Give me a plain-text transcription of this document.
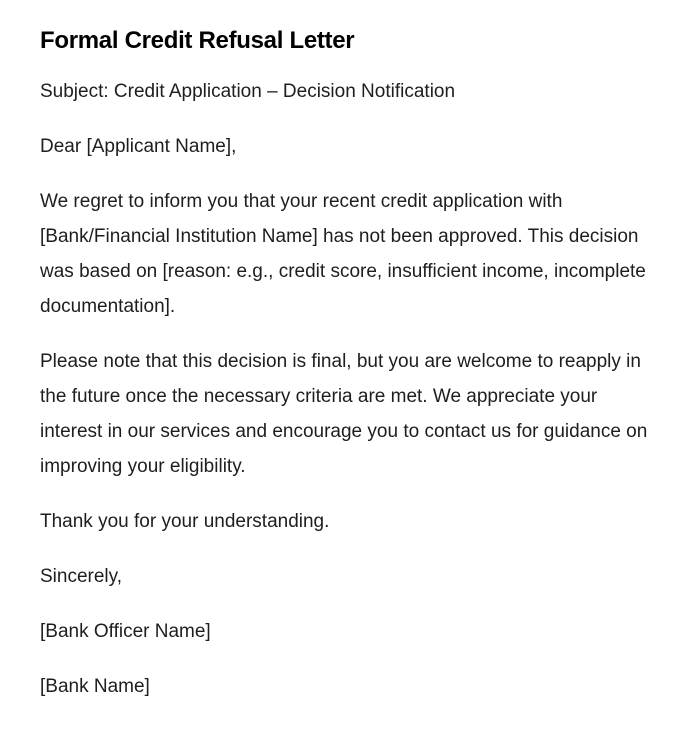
Formal Credit Refusal Letter

Subject: Credit Application – Decision Notification

Dear [Applicant Name],

We regret to inform you that your recent credit application with [Bank/Financial Institution Name] has not been approved. This decision was based on [reason: e.g., credit score, insufficient income, incomplete documentation].

Please note that this decision is final, but you are welcome to reapply in the future once the necessary criteria are met. We appreciate your interest in our services and encourage you to contact us for guidance on improving your eligibility.

Thank you for your understanding.

Sincerely,

[Bank Officer Name]

[Bank Name]
